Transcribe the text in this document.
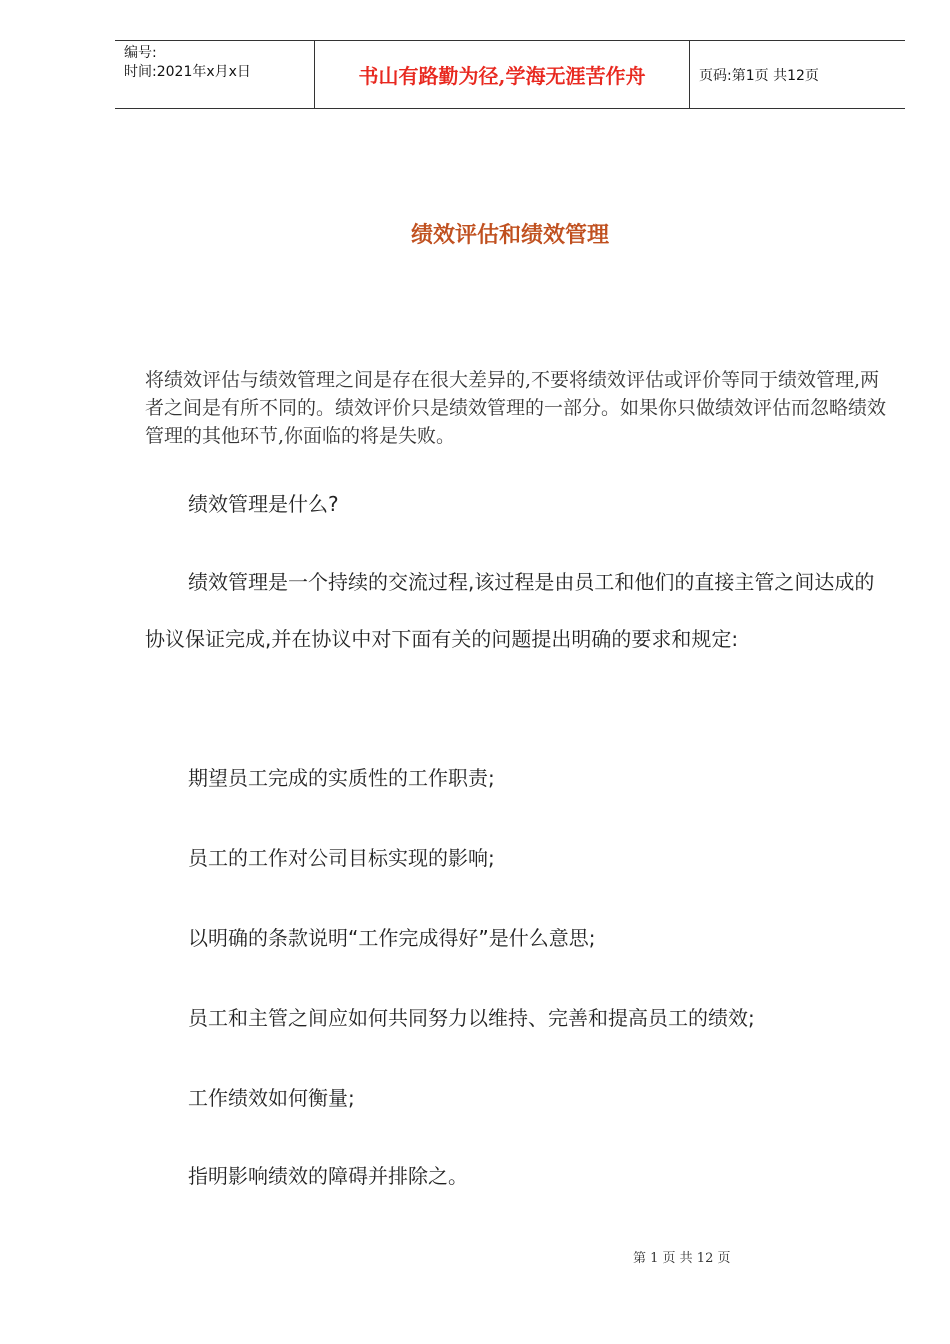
编号:
时间:2021年x月x日	书山有路勤为径,学海无涯苦作舟	页码:第1页 共12页
绩效评估和绩效管理
将绩效评估与绩效管理之间是存在很大差异的,不要将绩效评估或评价等同于绩效管理,两者之间是有所不同的。绩效评价只是绩效管理的一部分。如果你只做绩效评估而忽略绩效管理的其他环节,你面临的将是失败。
绩效管理是什么?
绩效管理是一个持续的交流过程,该过程是由员工和他们的直接主管之间达成的协议保证完成,并在协议中对下面有关的问题提出明确的要求和规定:
期望员工完成的实质性的工作职责;
员工的工作对公司目标实现的影响;
以明确的条款说明“工作完成得好”是什么意思;
员工和主管之间应如何共同努力以维持、完善和提高员工的绩效;
工作绩效如何衡量;
指明影响绩效的障碍并排除之。
第 1 页 共 12 页
